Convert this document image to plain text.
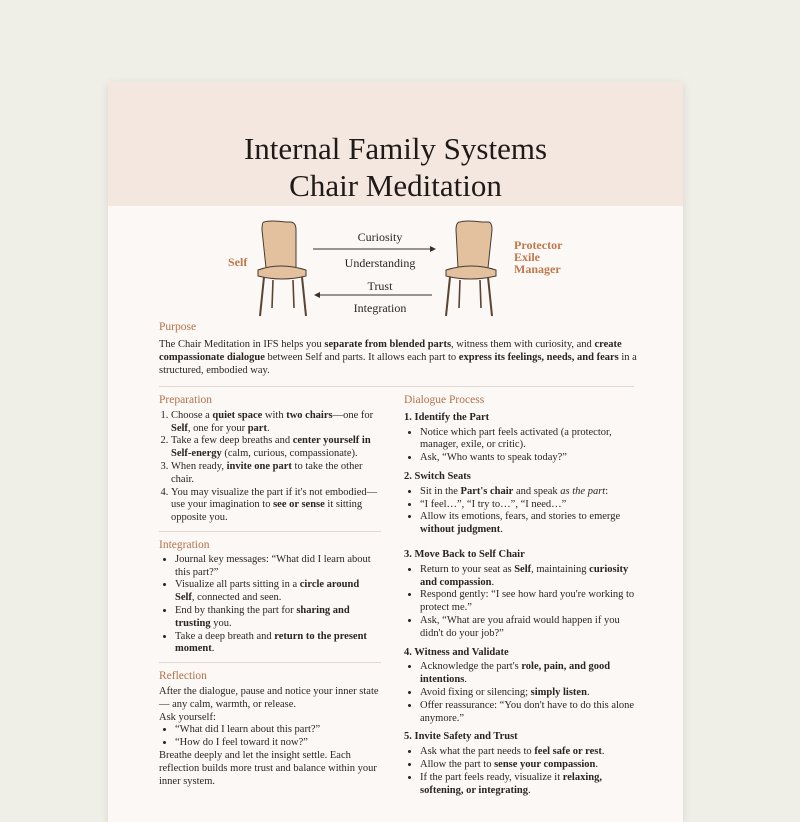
Internal Family Systems
Chair Meditation
Self
Protector
Exile
Manager
Curiosity
Understanding
Trust
Integration
Purpose
The Chair Meditation in IFS helps you separate from blended parts, witness them with curiosity, and create compassionate dialogue between Self and parts. It allows each part to express its feelings, needs, and fears in a structured, embodied way.
Preparation
1. Choose a quiet space with two chairs—one for Self, one for your part.
2. Take a few deep breaths and center yourself in Self-energy (calm, curious, compassionate).
3. When ready, invite one part to take the other chair.
4. You may visualize the part if it's not embodied—use your imagination to see or sense it sitting opposite you.
Integration
• Journal key messages: “What did I learn about this part?”
• Visualize all parts sitting in a circle around Self, connected and seen.
• End by thanking the part for sharing and trusting you.
• Take a deep breath and return to the present moment.
Reflection
After the dialogue, pause and notice your inner state — any calm, warmth, or release.
Ask yourself:
• “What did I learn about this part?”
• “How do I feel toward it now?”
Breathe deeply and let the insight settle. Each reflection builds more trust and balance within your inner system.
Dialogue Process
1. Identify the Part
• Notice which part feels activated (a protector, manager, exile, or critic).
• Ask, “Who wants to speak today?”
2. Switch Seats
• Sit in the Part's chair and speak as the part:
• “I feel…”, “I try to…”, “I need…”
• Allow its emotions, fears, and stories to emerge without judgment.
3. Move Back to Self Chair
• Return to your seat as Self, maintaining curiosity and compassion.
• Respond gently: “I see how hard you're working to protect me.”
• Ask, “What are you afraid would happen if you didn't do your job?”
4. Witness and Validate
• Acknowledge the part's role, pain, and good intentions.
• Avoid fixing or silencing; simply listen.
• Offer reassurance: “You don't have to do this alone anymore.”
5. Invite Safety and Trust
• Ask what the part needs to feel safe or rest.
• Allow the part to sense your compassion.
• If the part feels ready, visualize it relaxing, softening, or integrating.
